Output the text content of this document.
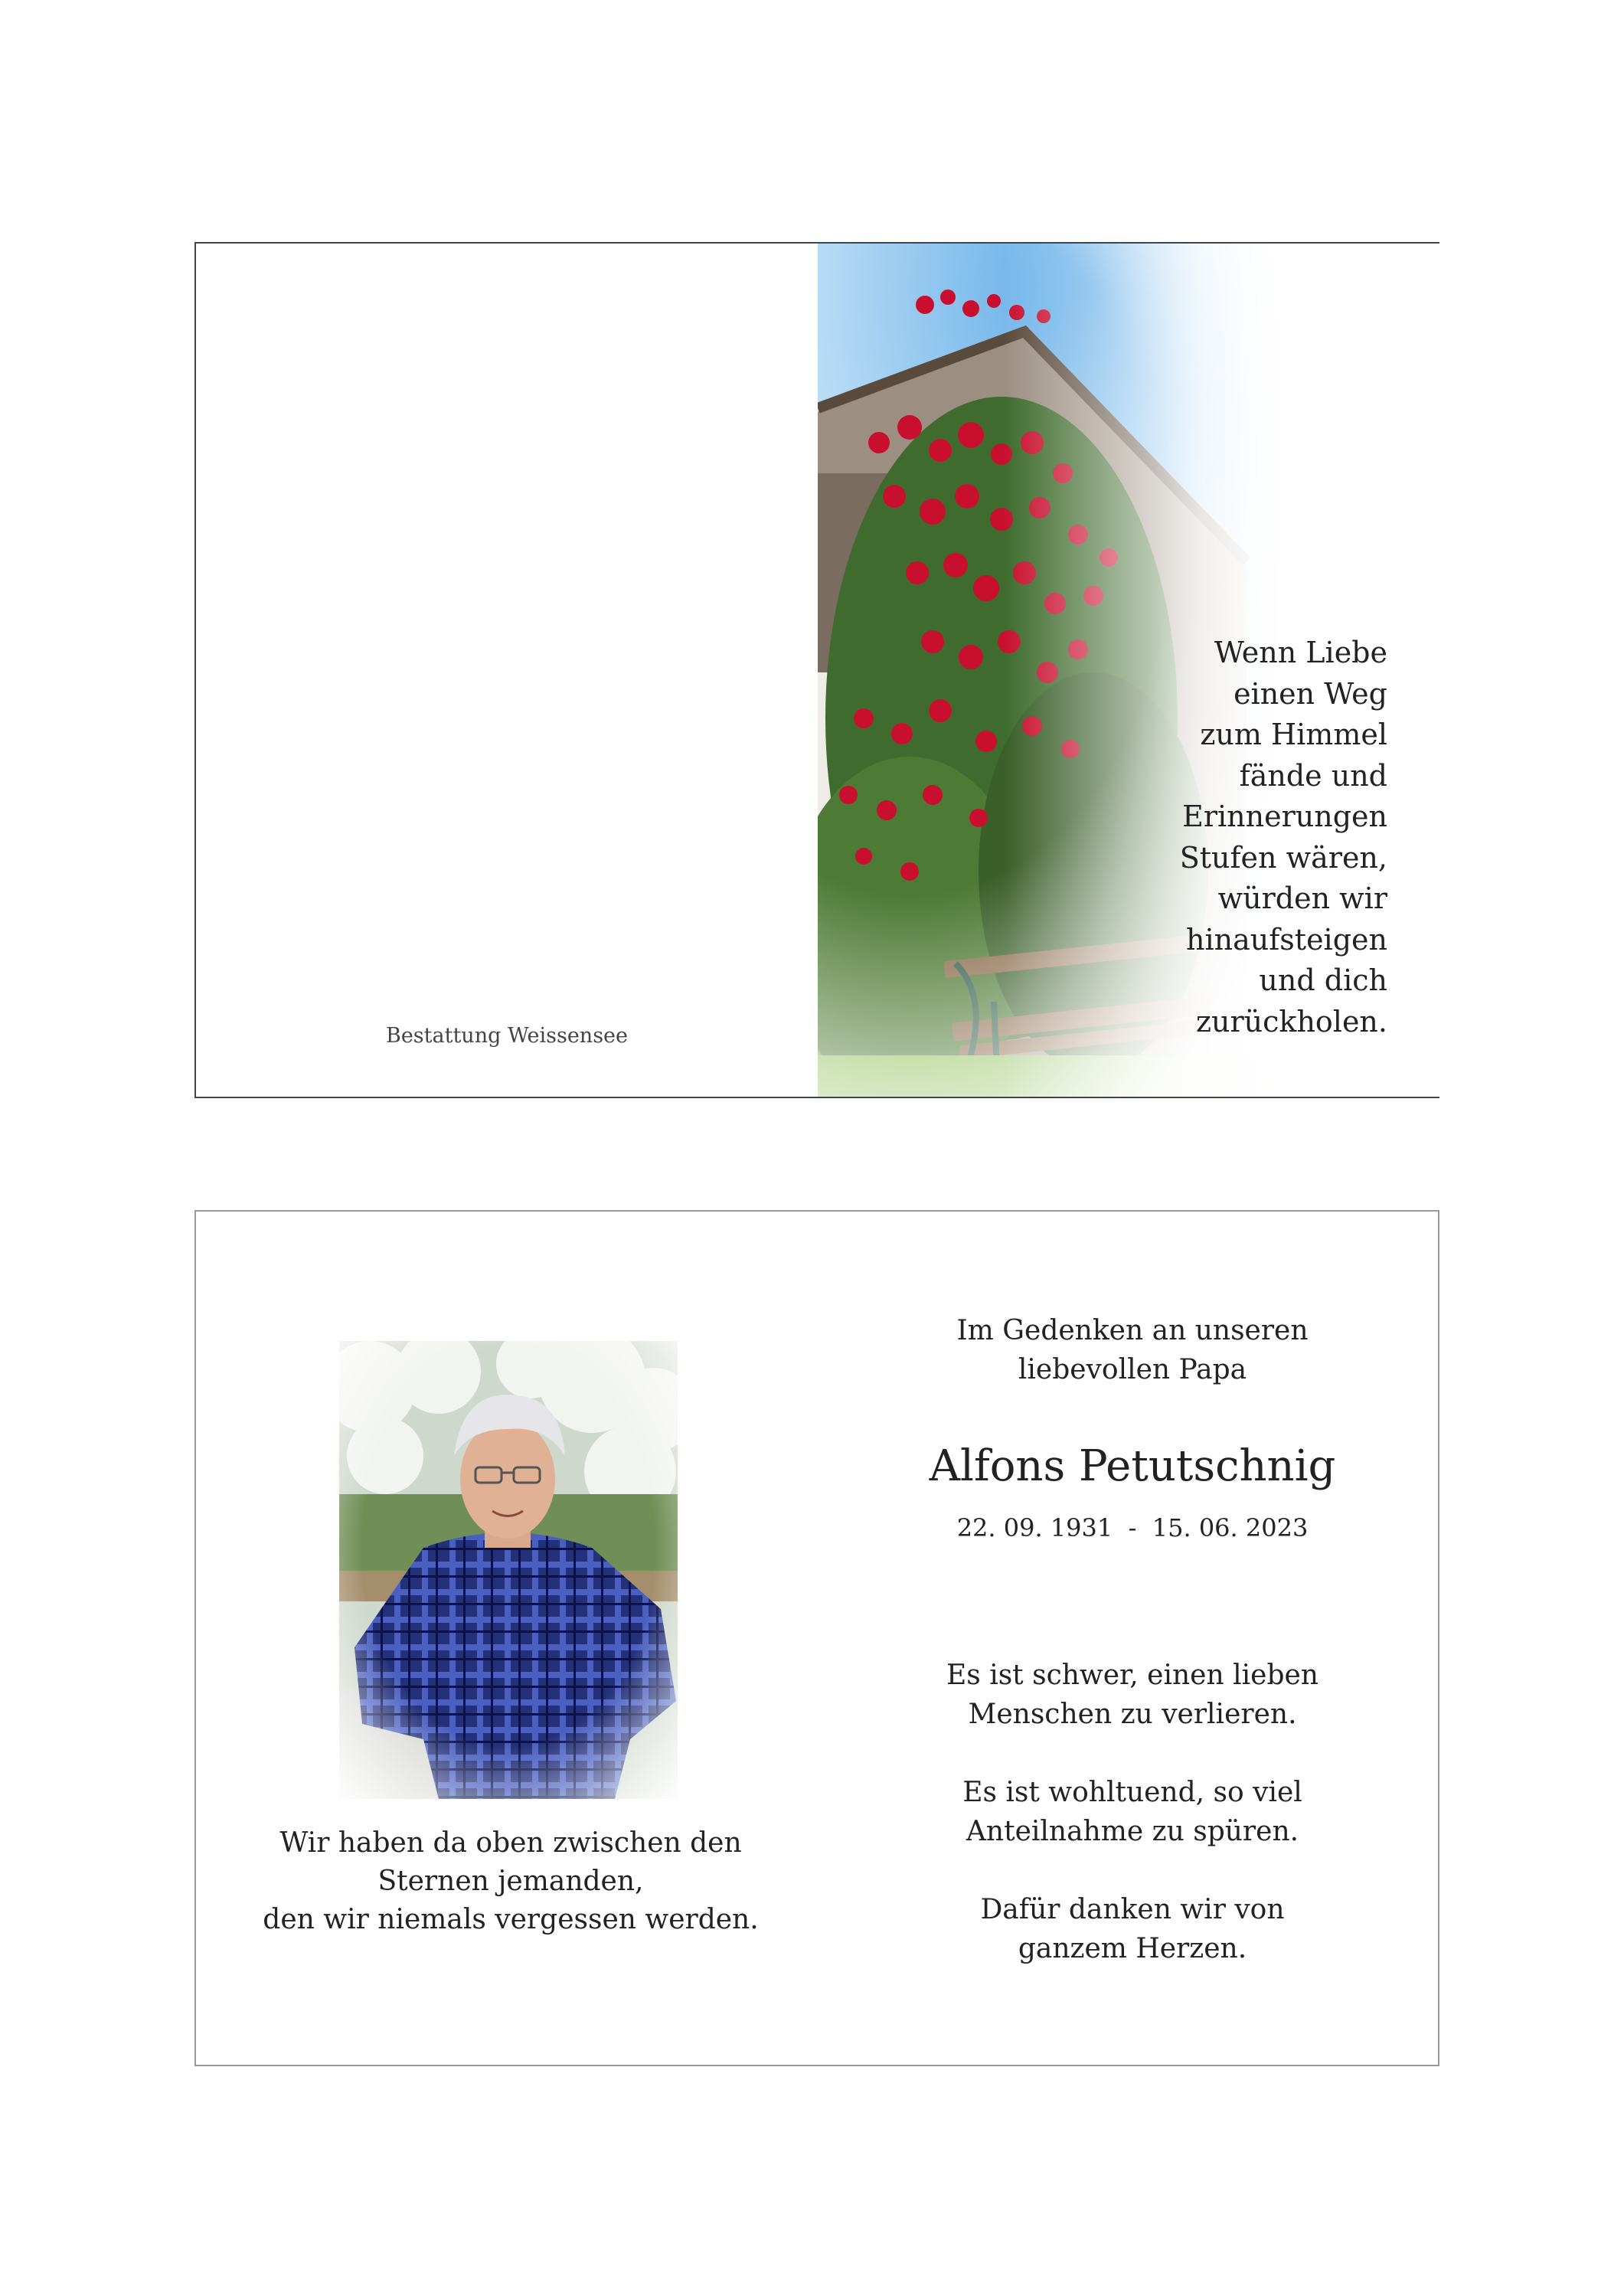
Bestattung Weissensee
Wenn Liebe
einen Weg
zum Himmel
fände und
Erinnerungen
Stufen wären,
würden wir
hinaufsteigen
und dich
zurückholen.
Wir haben da oben zwischen den
Sternen jemanden,
den wir niemals vergessen werden.
Im Gedenken an unseren
liebevollen Papa
Alfons Petutschnig
22. 09. 1931  -  15. 06. 2023
Es ist schwer, einen lieben
Menschen zu verlieren.
Es ist wohltuend, so viel
Anteilnahme zu spüren.
Dafür danken wir von
ganzem Herzen.
